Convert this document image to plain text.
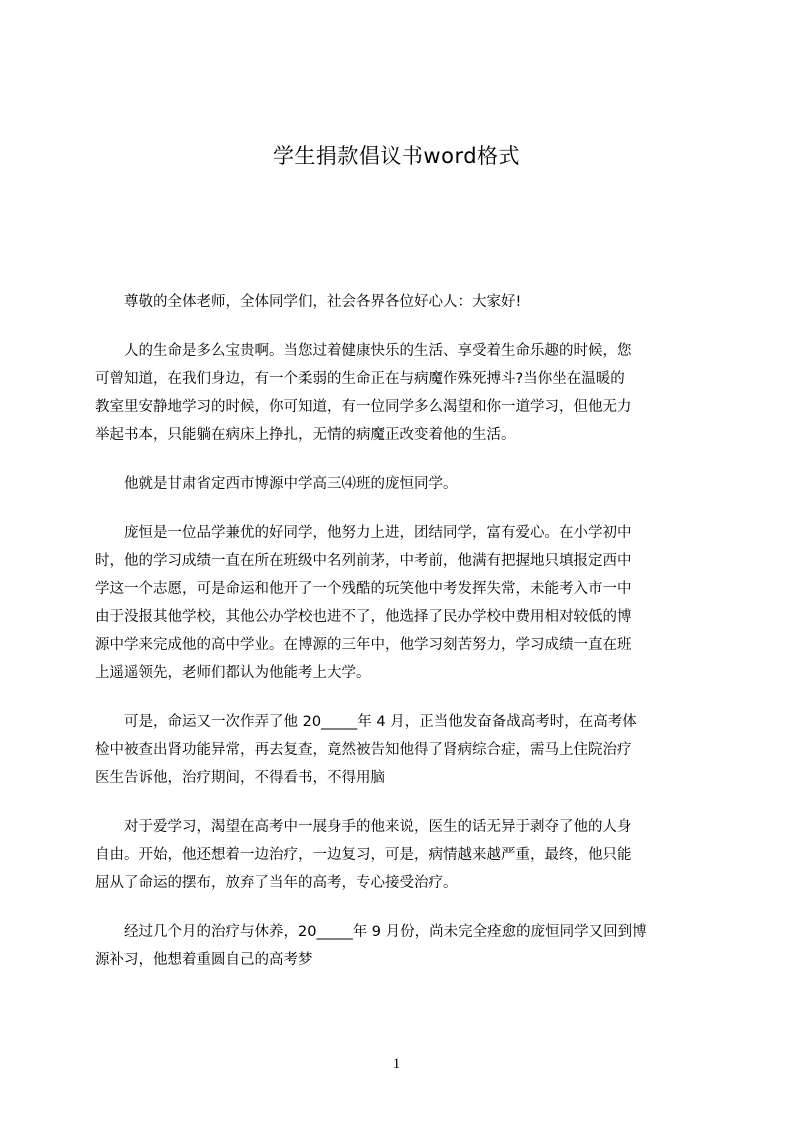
学生捐款倡议书word格式

尊敬的全体老师，全体同学们，社会各界各位好心人：大家好!

人的生命是多么宝贵啊。当您过着健康快乐的生活、享受着生命乐趣的时候，您
可曾知道，在我们身边，有一个柔弱的生命正在与病魔作殊死搏斗?当你坐在温暖的
教室里安静地学习的时候，你可知道，有一位同学多么渴望和你一道学习，但他无力
举起书本，只能躺在病床上挣扎，无情的病魔正改变着他的生活。

他就是甘肃省定西市博源中学高三⑷班的庞恒同学。

庞恒是一位品学兼优的好同学，他努力上进，团结同学，富有爱心。在小学初中
时，他的学习成绩一直在所在班级中名列前茅，中考前，他满有把握地只填报定西中
学这一个志愿，可是命运和他开了一个残酷的玩笑他中考发挥失常，未能考入市一中
由于没报其他学校，其他公办学校也进不了，他选择了民办学校中费用相对较低的博
源中学来完成他的高中学业。在博源的三年中，他学习刻苦努力，学习成绩一直在班
上遥遥领先，老师们都认为他能考上大学。

可是，命运又一次作弄了他 20_____年 4 月，正当他发奋备战高考时，在高考体
检中被查出肾功能异常，再去复查，竟然被告知他得了肾病综合症，需马上住院治疗
医生告诉他，治疗期间，不得看书，不得用脑

对于爱学习，渴望在高考中一展身手的他来说，医生的话无异于剥夺了他的人身
自由。开始，他还想着一边治疗，一边复习，可是，病情越来越严重，最终，他只能
屈从了命运的摆布，放弃了当年的高考，专心接受治疗。

经过几个月的治疗与休养，20_____年 9 月份，尚未完全痊愈的庞恒同学又回到博
源补习，他想着重圆自己的高考梦

1
